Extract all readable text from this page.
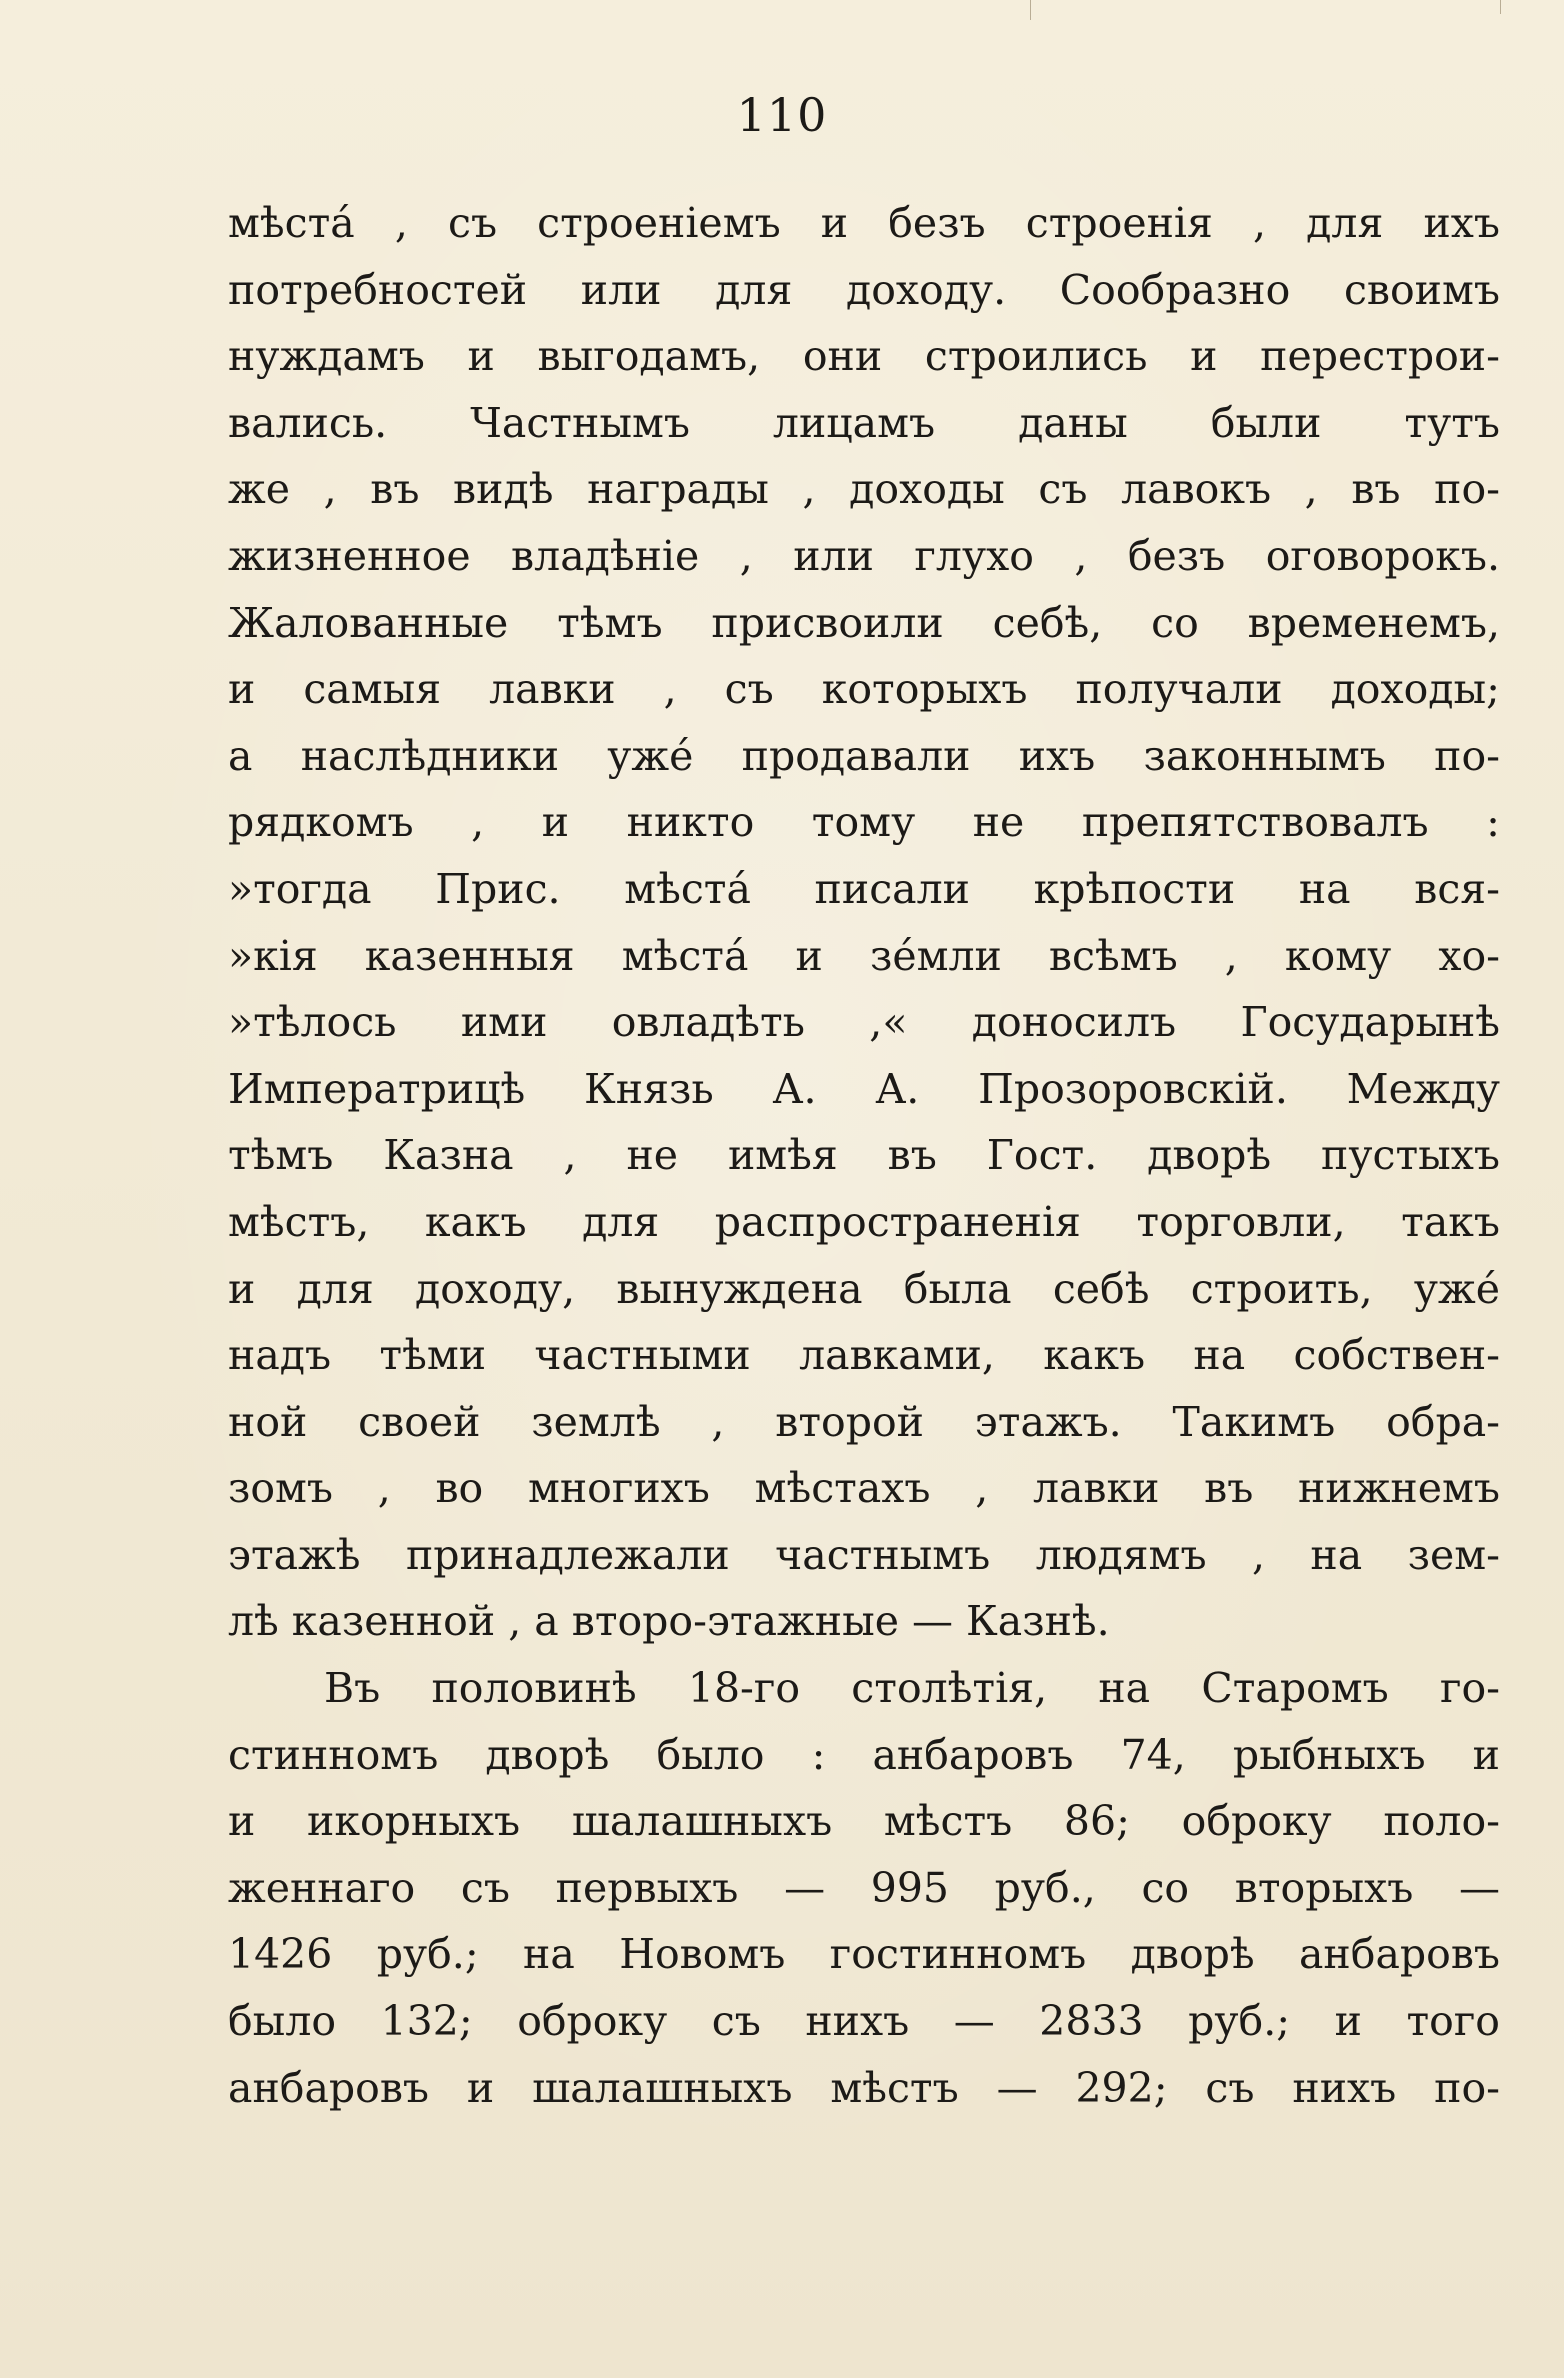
110
мѣстá , съ строеніемъ и безъ строенія , для ихъ
потребностей или для доходу. Сообразно своимъ
нуждамъ и выгодамъ, они строились и перестрои-
вались. Частнымъ лицамъ даны были тутъ
же , въ видѣ награды , доходы съ лавокъ , въ по-
жизненное владѣніе , или глухо , безъ оговорокъ.
Жалованные тѣмъ присвоили себѣ, со временемъ,
и самыя лавки , съ которыхъ получали доходы;
а наслѣдники ужé продавали ихъ законнымъ по-
рядкомъ , и никто тому не препятствовалъ :
»тогда Прис. мѣстá писали крѣпости на вся-
»кія казенныя мѣстá и зéмли всѣмъ , кому хо-
»тѣлось ими овладѣть ,« доносилъ Государынѣ
Императрицѣ Князь А. А. Прозоровскій. Между
тѣмъ Казна , не имѣя въ Гост. дворѣ пустыхъ
мѣстъ, какъ для распространенія торговли, такъ
и для доходу, вынуждена была себѣ строить, ужé
надъ тѣми частными лавками, какъ на собствен-
ной своей землѣ , второй этажъ. Такимъ обра-
зомъ , во многихъ мѣстахъ , лавки въ нижнемъ
этажѣ принадлежали частнымъ людямъ , на зем-
лѣ казенной , а второ-этажные — Казнѣ.
Въ половинѣ 18-го столѣтія, на Старомъ го-
стинномъ дворѣ было : анбаровъ 74, рыбныхъ и
и икорныхъ шалашныхъ мѣстъ 86; оброку поло-
женнаго съ первыхъ — 995 руб., со вторыхъ —
1426 руб.; на Новомъ гостинномъ дворѣ анбаровъ
было 132; оброку съ нихъ — 2833 руб.; и того
анбаровъ и шалашныхъ мѣстъ — 292; съ нихъ по-
